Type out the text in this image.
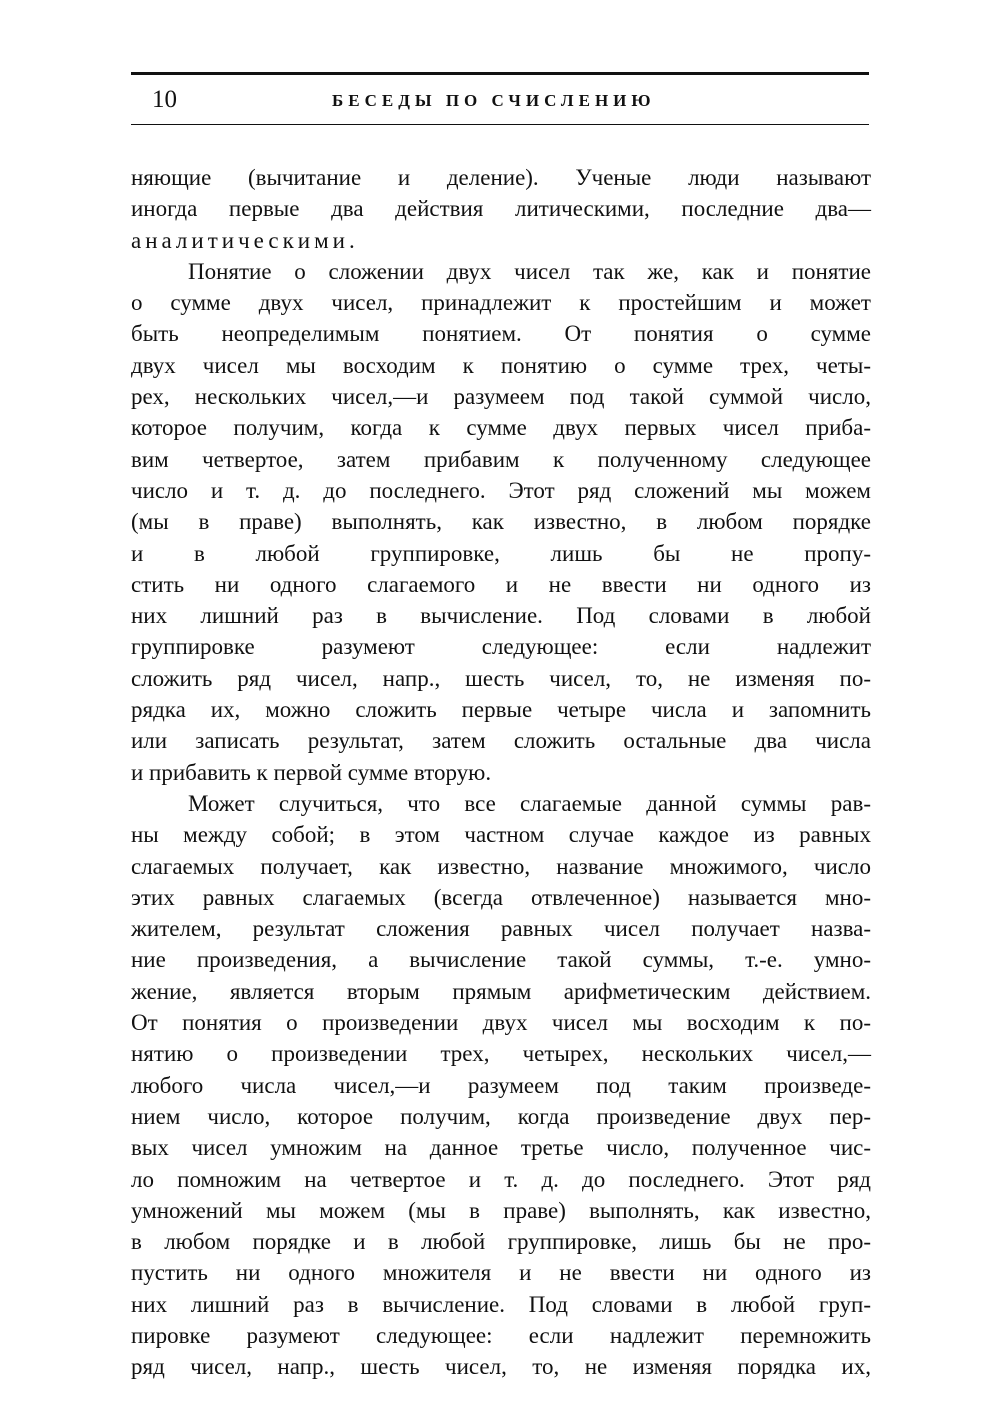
10	БЕСЕДЫ ПО СЧИСЛЕНИЮ
няющие (вычитание и деление). Ученые люди называют
иногда первые два действия литическими, последние два—
аналитическими.
Понятие о сложении двух чисел так же, как и понятие
о сумме двух чисел, принадлежит к простейшим и может
быть неопределимым понятием. От понятия о сумме
двух чисел мы восходим к понятию о сумме трех, четы-
рех, нескольких чисел,—и разумеем под такой суммой число,
которое получим, когда к сумме двух первых чисел приба-
вим четвертое, затем прибавим к полученному следующее
число и т. д. до последнего. Этот ряд сложений мы можем
(мы в праве) выполнять, как известно, в любом порядке
и в любой группировке, лишь бы не пропу-
стить ни одного слагаемого и не ввести ни одного из
них лишний раз в вычисление. Под словами в любой
группировке разумеют следующее: если надлежит
сложить ряд чисел, напр., шесть чисел, то, не изменяя по-
рядка их, можно сложить первые четыре числа и запомнить
или записать результат, затем сложить остальные два числа
и прибавить к первой сумме вторую.
Может случиться, что все слагаемые данной суммы рав-
ны между собой; в этом частном случае каждое из равных
слагаемых получает, как известно, название множимого, число
этих равных слагаемых (всегда отвлеченное) называется мно-
жителем, результат сложения равных чисел получает назва-
ние произведения, а вычисление такой суммы, т.-е. умно-
жение, является вторым прямым арифметическим действием.
От понятия о произведении двух чисел мы восходим к по-
нятию о произведении трех, четырех, нескольких чисел,—
любого числа чисел,—и разумеем под таким произведе-
нием число, которое получим, когда произведение двух пер-
вых чисел умножим на данное третье число, полученное чис-
ло помножим на четвертое и т. д. до последнего. Этот ряд
умножений мы можем (мы в праве) выполнять, как известно,
в любом порядке и в любой группировке, лишь бы не про-
пустить ни одного множителя и не ввести ни одного из
них лишний раз в вычисление. Под словами в любой груп-
пировке разумеют следующее: если надлежит перемножить
ряд чисел, напр., шесть чисел, то, не изменяя порядка их,
